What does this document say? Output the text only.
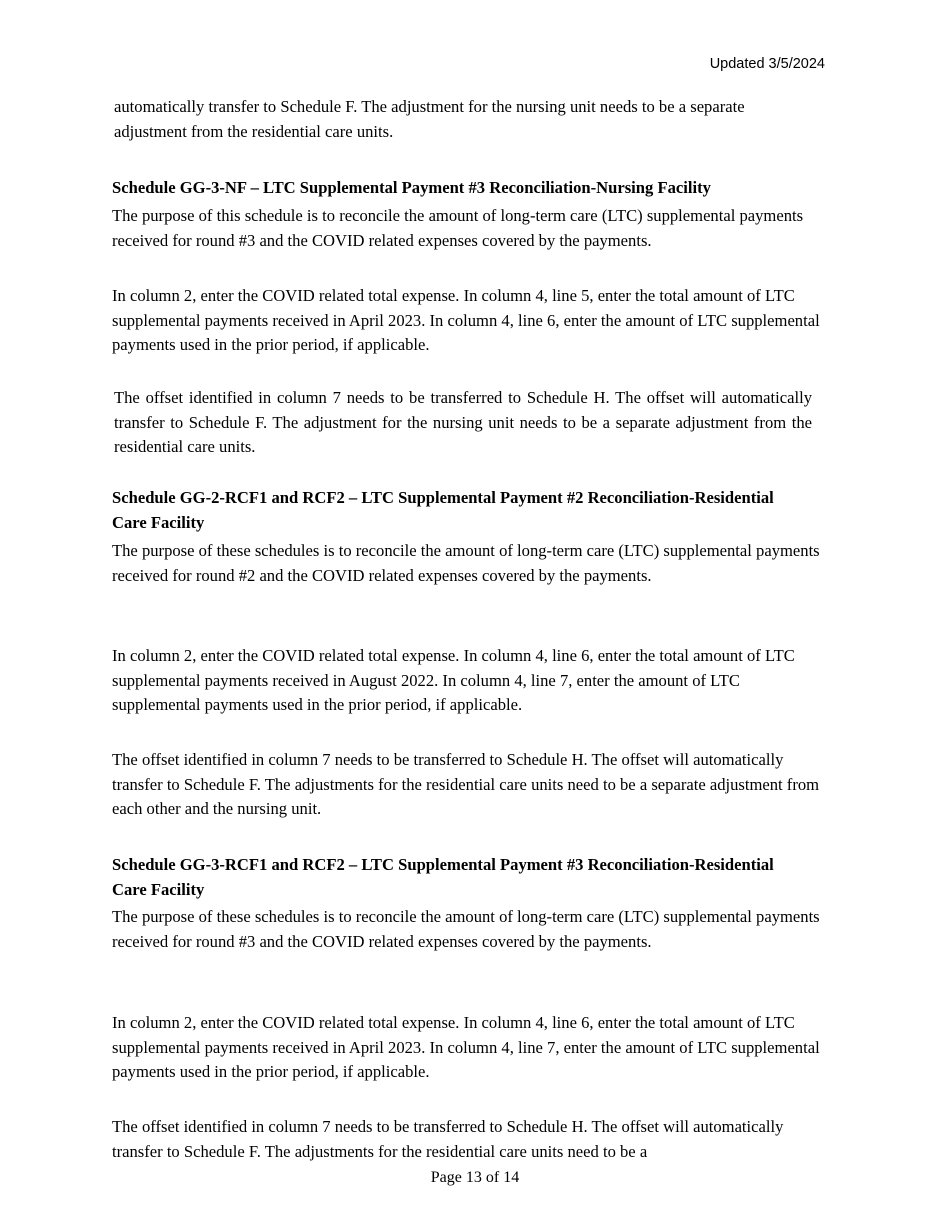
Updated 3/5/2024

automatically transfer to Schedule F. The adjustment for the nursing unit needs to be a separate adjustment from the residential care units.

Schedule GG-3-NF – LTC Supplemental Payment #3 Reconciliation-Nursing Facility

The purpose of this schedule is to reconcile the amount of long-term care (LTC) supplemental payments received for round #3 and the COVID related expenses covered by the payments.

In column 2, enter the COVID related total expense. In column 4, line 5, enter the total amount of LTC supplemental payments received in April 2023. In column 4, line 6, enter the amount of LTC supplemental payments used in the prior period, if applicable.

The offset identified in column 7 needs to be transferred to Schedule H. The offset will automatically transfer to Schedule F. The adjustment for the nursing unit needs to be a separate adjustment from the residential care units.

Schedule GG-2-RCF1 and RCF2 – LTC Supplemental Payment #2 Reconciliation-Residential Care Facility

The purpose of these schedules is to reconcile the amount of long-term care (LTC) supplemental payments received for round #2 and the COVID related expenses covered by the payments.

In column 2, enter the COVID related total expense. In column 4, line 6, enter the total amount of LTC supplemental payments received in August 2022. In column 4, line 7, enter the amount of LTC supplemental payments used in the prior period, if applicable.

The offset identified in column 7 needs to be transferred to Schedule H. The offset will automatically transfer to Schedule F. The adjustments for the residential care units need to be a separate adjustment from each other and the nursing unit.

Schedule GG-3-RCF1 and RCF2 – LTC Supplemental Payment #3 Reconciliation-Residential Care Facility

The purpose of these schedules is to reconcile the amount of long-term care (LTC) supplemental payments received for round #3 and the COVID related expenses covered by the payments.

In column 2, enter the COVID related total expense. In column 4, line 6, enter the total amount of LTC supplemental payments received in April 2023. In column 4, line 7, enter the amount of LTC supplemental payments used in the prior period, if applicable.

The offset identified in column 7 needs to be transferred to Schedule H. The offset will automatically transfer to Schedule F. The adjustments for the residential care units need to be a

Page 13 of 14
